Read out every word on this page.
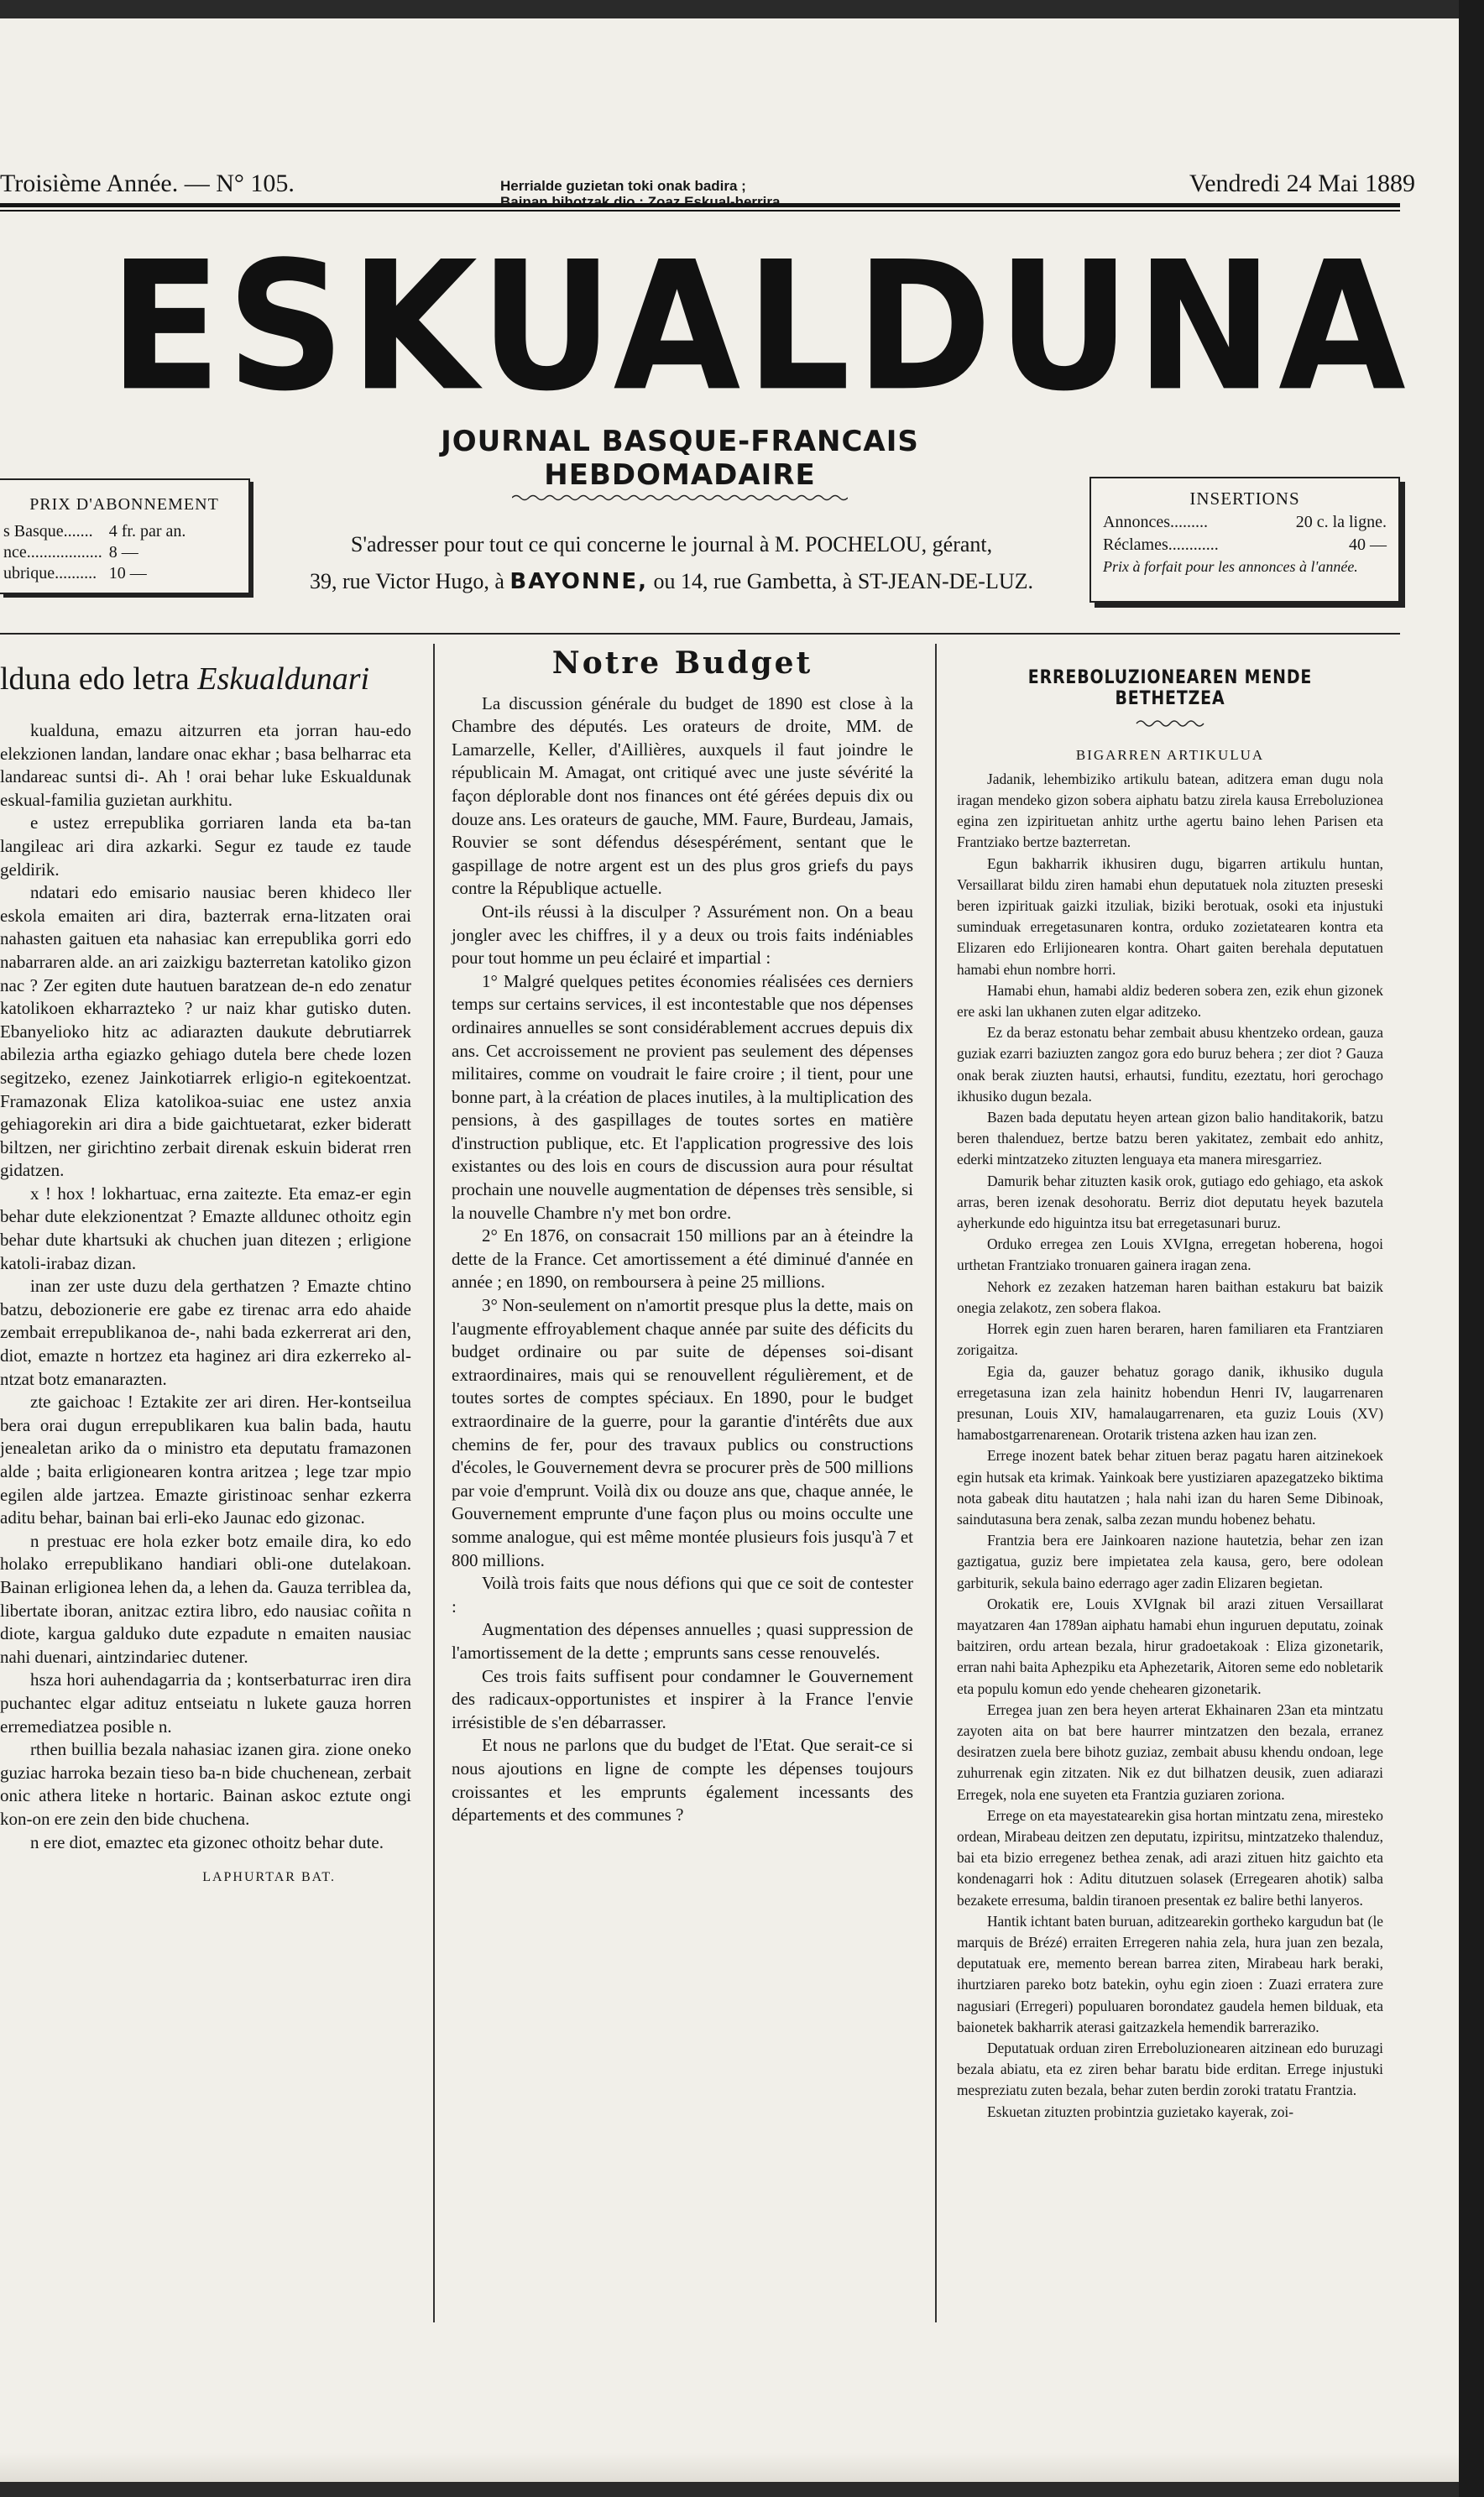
Troisième Année. — N° 105.	Herrialde guzietan toki onak badira ;
Bainan bihotzak dio : Zoaz Eskual-herrira.
Vendredi 24 Mai 1889
ESKUALDUNA
JOURNAL BASQUE-FRANCAIS HEBDOMADAIRE
PRIX D'ABONNEMENT
s Basque.......	4 fr. par an.
nce..................	8 —
ubrique..........	10 —
S'adresser pour tout ce qui concerne le journal à M. POCHELOU, gérant,
39, rue Victor Hugo, à BAYONNE, ou 14, rue Gambetta, à ST-JEAN-DE-LUZ.
INSERTIONS
Annonces.........	20 c. la ligne.
Réclames............	40 —
Prix à forfait pour les annonces à l'année.
lduna edo letra Eskualdunari

kualduna, emazu aitzurren eta jorran hau-edo elekzionen landan, landare onac ekhar ; basa belharrac eta landareac suntsi di-. Ah ! orai behar luke Eskualdunak eskual-familia guzietan aurkhitu.

e ustez errepublika gorriaren landa eta ba-tan langileac ari dira azkarki. Segur ez taude ez taude geldirik.

ndatari edo emisario nausiac beren khideco ller eskola emaiten ari dira, bazterrak erna-litzaten orai nahasten gaituen eta nahasiac kan errepublika gorri edo nabarraren alde. an ari zaizkigu bazterretan katoliko gizon nac ? Zer egiten dute hautuen baratzean de-n edo zenatur katolikoen ekharrazteko ? ur naiz khar gutisko duten. Ebanyelioko hitz ac adiarazten daukute debrutiarrek abilezia artha egiazko gehiago dutela bere chede lozen segitzeko, ezenez Jainkotiarrek erligio-n egitekoentzat. Framazonak Eliza katolikoa-suiac ene ustez anxia gehiagorekin ari dira a bide gaichtuetarat, ezker bideratt biltzen, ner girichtino zerbait direnak eskuin biderat rren gidatzen.

x ! hox ! lokhartuac, erna zaitezte. Eta emaz-er egin behar dute elekzionentzat ? Emazte alldunec othoitz egin behar dute khartsuki ak chuchen juan ditezen ; erligione katoli-irabaz dizan.

inan zer uste duzu dela gerthatzen ? Emazte chtino batzu, debozionerie ere gabe ez tirenac arra edo ahaide zembait errepublikanoa de-, nahi bada ezkerrerat ari den, diot, emazte n hortzez eta haginez ari dira ezkerreko al-ntzat botz emanarazten.

zte gaichoac ! Eztakite zer ari diren. Her-kontseilua bera orai dugun errepublikaren kua balin bada, hautu jenealetan ariko da o ministro eta deputatu framazonen alde ; baita erligionearen kontra aritzea ; lege tzar mpio egilen alde jartzea. Emazte giristinoac senhar ezkerra aditu behar, bainan bai erli-eko Jaunac edo gizonac.

n prestuac ere hola ezker botz emaile dira, ko edo holako errepublikano handiari obli-one dutelakoan. Bainan erligionea lehen da, a lehen da. Gauza terriblea da, libertate iboran, anitzac eztira libro, edo nausiac coñita n diote, kargua galduko dute ezpadute n emaiten nausiac nahi duenari, aintzindariec dutener.

hsza hori auhendagarria da ; kontserbaturrac iren dira puchantec elgar adituz entseiatu n lukete gauza horren erremediatzea posible n.

rthen buillia bezala nahasiac izanen gira. zione oneko guziac harroka bezain tieso ba-n bide chuchenean, zerbait onic athera liteke n hortaric. Bainan askoc eztute ongi kon-on ere zein den bide chuchena.

n ere diot, emaztec eta gizonec othoitz behar dute.

LAPHURTAR BAT.
Notre Budget

La discussion générale du budget de 1890 est close à la Chambre des députés. Les orateurs de droite, MM. de Lamarzelle, Keller, d'Aillières, auxquels il faut joindre le républicain M. Amagat, ont critiqué avec une juste sévérité la façon déplorable dont nos finances ont été gérées depuis dix ou douze ans. Les orateurs de gauche, MM. Faure, Burdeau, Jamais, Rouvier se sont défendus désespérément, sentant que le gaspillage de notre argent est un des plus gros griefs du pays contre la République actuelle.

Ont-ils réussi à la disculper ? Assurément non. On a beau jongler avec les chiffres, il y a deux ou trois faits indéniables pour tout homme un peu éclairé et impartial :

1° Malgré quelques petites économies réalisées ces derniers temps sur certains services, il est incontestable que nos dépenses ordinaires annuelles se sont considérablement accrues depuis dix ans. Cet accroissement ne provient pas seulement des dépenses militaires, comme on voudrait le faire croire ; il tient, pour une bonne part, à la création de places inutiles, à la multiplication des pensions, à des gaspillages de toutes sortes en matière d'instruction publique, etc. Et l'application progressive des lois existantes ou des lois en cours de discussion aura pour résultat prochain une nouvelle augmentation de dépenses très sensible, si la nouvelle Chambre n'y met bon ordre.

2° En 1876, on consacrait 150 millions par an à éteindre la dette de la France. Cet amortissement a été diminué d'année en année ; en 1890, on remboursera à peine 25 millions.

3° Non-seulement on n'amortit presque plus la dette, mais on l'augmente effroyablement chaque année par suite des déficits du budget ordinaire ou par suite de dépenses soi-disant extraordinaires, mais qui se renouvellent régulièrement, et de toutes sortes de comptes spéciaux. En 1890, pour le budget extraordinaire de la guerre, pour la garantie d'intérêts due aux chemins de fer, pour des travaux publics ou constructions d'écoles, le Gouvernement devra se procurer près de 500 millions par voie d'emprunt. Voilà dix ou douze ans que, chaque année, le Gouvernement emprunte d'une façon plus ou moins occulte une somme analogue, qui est même montée plusieurs fois jusqu'à 7 et 800 millions.

Voilà trois faits que nous défions qui que ce soit de contester :

Augmentation des dépenses annuelles ; quasi suppression de l'amortissement de la dette ; emprunts sans cesse renouvelés.

Ces trois faits suffisent pour condamner le Gouvernement des radicaux-opportunistes et inspirer à la France l'envie irrésistible de s'en débarrasser.

Et nous ne parlons que du budget de l'Etat. Que serait-ce si nous ajoutions en ligne de compte les dépenses toujours croissantes et les emprunts également incessants des départements et des communes ?

ERREBOLUZIONEAREN MENDE BETHETZEA
BIGARREN ARTIKULUA

Jadanik, lehembiziko artikulu batean, aditzera eman dugu nola iragan mendeko gizon sobera aiphatu batzu zirela kausa Erreboluzionea egina zen izpirituetan anhitz urthe agertu baino lehen Parisen eta Frantziako bertze bazterretan.

Egun bakharrik ikhusiren dugu, bigarren artikulu huntan, Versaillarat bildu ziren hamabi ehun deputatuek nola zituzten preseski beren izpirituak gaizki itzuliak, biziki berotuak, osoki eta injustuki suminduak erregetasunaren kontra, orduko zozietatearen kontra eta Elizaren edo Erlijionearen kontra. Ohart gaiten berehala deputatuen hamabi ehun nombre horri.

Hamabi ehun, hamabi aldiz bederen sobera zen, ezik ehun gizonek ere aski lan ukhanen zuten elgar aditzeko.

Ez da beraz estonatu behar zembait abusu khentzeko ordean, gauza guziak ezarri baziuzten zangoz gora edo buruz behera ; zer diot ? Gauza onak berak ziuzten hautsi, erhautsi, funditu, ezeztatu, hori gerochago ikhusiko dugun bezala.

Bazen bada deputatu heyen artean gizon balio handitakorik, batzu beren thalenduez, bertze batzu beren yakitatez, zembait edo anhitz, ederki mintzatzeko zituzten lenguaya eta manera miresgarriez.

Damurik behar zituzten kasik orok, gutiago edo gehiago, eta askok arras, beren izenak desohoratu. Berriz diot deputatu heyek bazutela ayherkunde edo higuintza itsu bat erregetasunari buruz.

Orduko erregea zen Louis XVIgna, erregetan hoberena, hogoi urthetan Frantziako tronuaren gainera iragan zena.

Nehork ez zezaken hatzeman haren baithan estakuru bat baizik onegia zelakotz, zen sobera flakoa.

Horrek egin zuen haren beraren, haren familiaren eta Frantziaren zorigaitza.

Egia da, gauzer behatuz gorago danik, ikhusiko dugula erregetasuna izan zela hainitz hobendun Henri IV, laugarrenaren presunan, Louis XIV, hamalaugarrenaren, eta guziz Louis (XV) hamabostgarrenarenean. Orotarik tristena azken hau izan zen.

Errege inozent batek behar zituen beraz pagatu haren aitzinekoek egin hutsak eta krimak. Yainkoak bere yustiziaren apazegatzeko biktima nota gabeak ditu hautatzen ; hala nahi izan du haren Seme Dibinoak, saindutasuna bera zenak, salba zezan mundu hobenez behatu.

Frantzia bera ere Jainkoaren nazione hautetzia, behar zen izan gaztigatua, guziz bere impietatea zela kausa, gero, bere odolean garbiturik, sekula baino ederrago ager zadin Elizaren begietan.

Orokatik ere, Louis XVIgnak bil arazi zituen Versaillarat mayatzaren 4an 1789an aiphatu hamabi ehun inguruen deputatu, zoinak baitziren, ordu artean bezala, hirur gradoetakoak : Eliza gizonetarik, erran nahi baita Aphezpiku eta Aphezetarik, Aitoren seme edo nobletarik eta populu komun edo yende chehearen gizonetarik.

Erregea juan zen bera heyen arterat Ekhainaren 23an eta mintzatu zayoten aita on bat bere haurrer mintzatzen den bezala, erranez desiratzen zuela bere bihotz guziaz, zembait abusu khendu ondoan, lege zuhurrenak egin zitzaten. Nik ez dut bilhatzen deusik, zuen adiarazi Erregek, nola ene suyeten eta Frantzia guziaren zoriona.

Errege on eta mayestatearekin gisa hortan mintzatu zena, miresteko ordean, Mirabeau deitzen zen deputatu, izpiritsu, mintzatzeko thalenduz, bai eta bizio erregenez bethea zenak, adi arazi zituen hitz gaichto eta kondenagarri hok : Aditu ditutzuen solasek (Erregearen ahotik) salba bezakete erresuma, baldin tiranoen presentak ez balire bethi lanyeros.

Hantik ichtant baten buruan, aditzearekin gortheko kargudun bat (le marquis de Brézé) erraiten Erregeren nahia zela, hura juan zen bezala, deputatuak ere, memento berean barrea ziten, Mirabeau hark beraki, ihurtziaren pareko botz batekin, oyhu egin zioen : Zuazi erratera zure nagusiari (Erregeri) populuaren borondatez gaudela hemen bilduak, eta baionetek bakharrik aterasi gaitzazkela hemendik barreraziko.

Deputatuak orduan ziren Erreboluzionearen aitzinean edo buruzagi bezala abiatu, eta ez ziren behar baratu bide erditan. Errege injustuki mespreziatu zuten bezala, behar zuten berdin zoroki tratatu Frantzia.

Eskuetan zituzten probintzia guzietako kayerak, zoi-
